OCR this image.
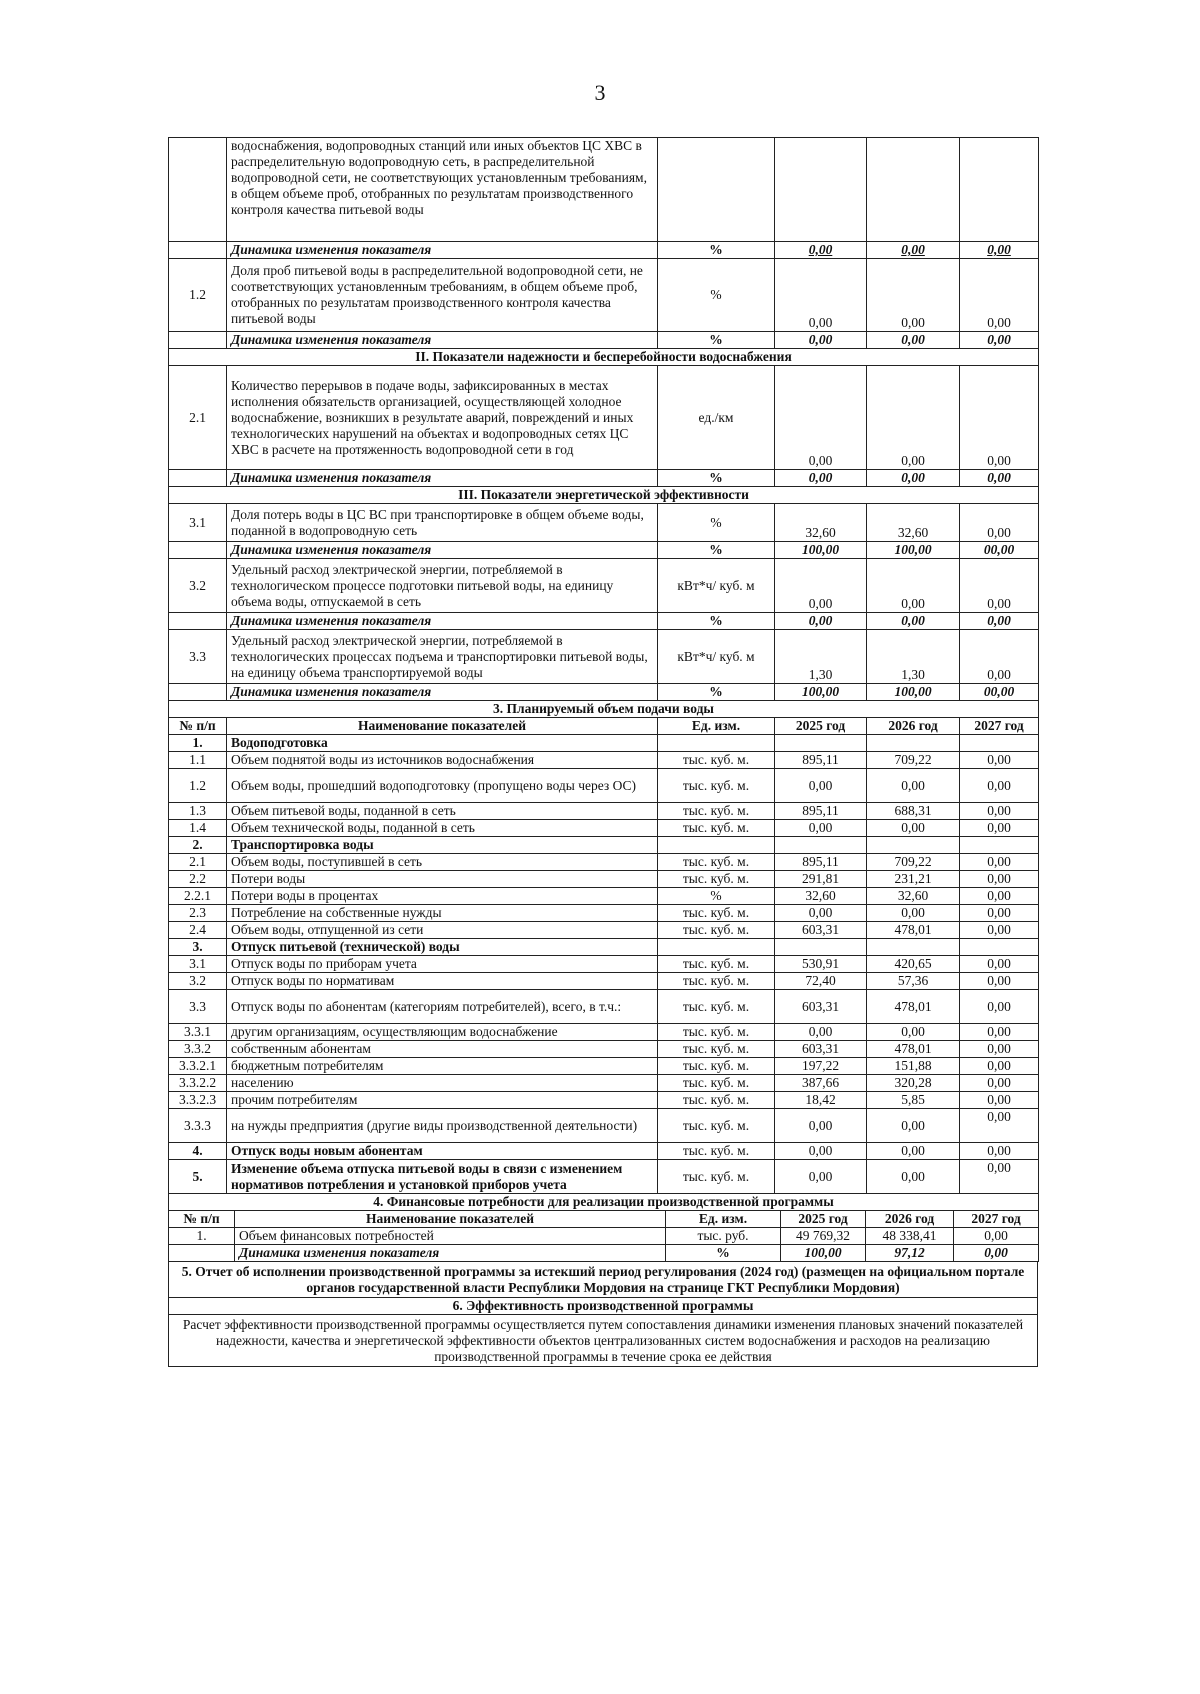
3
	водоснабжения, водопроводных станций или иных объектов ЦС ХВС в распределительную водопроводную сеть, в распределительной водопроводной сети, не соответствующих установленным требованиям, в общем объеме проб, отобранных по результатам производственного контроля качества питьевой воды				
	Динамика изменения показателя	%	0,00	0,00	0,00
1.2	Доля проб питьевой воды в распределительной водопроводной сети, не соответствующих установленным требованиям, в общем объеме проб, отобранных по результатам производственного контроля качества питьевой воды	%	0,00	0,00	0,00
	Динамика изменения показателя	%	0,00	0,00	0,00
II. Показатели надежности и бесперебойности водоснабжения					
2.1	Количество перерывов в подаче воды, зафиксированных в местах исполнения обязательств организацией, осуществляющей холодное водоснабжение, возникших в результате аварий, повреждений и иных технологических нарушений на объектах и водопроводных сетях ЦС ХВС в расчете на протяженность водопроводной сети в год	ед./км	0,00	0,00	0,00
	Динамика изменения показателя	%	0,00	0,00	0,00
III. Показатели энергетической эффективности					
3.1	Доля потерь воды в ЦС ВС при транспортировке в общем объеме воды, поданной в водопроводную сеть	%	32,60	32,60	0,00
	Динамика изменения показателя	%	100,00	100,00	00,00
3.2	Удельный расход электрической энергии, потребляемой в технологическом процессе подготовки питьевой воды, на единицу объема воды, отпускаемой в сеть	кВт*ч/ куб. м	0,00	0,00	0,00
	Динамика изменения показателя	%	0,00	0,00	0,00
3.3	Удельный расход электрической энергии, потребляемой в технологических процессах подъема и транспортировки питьевой воды, на единицу объема транспортируемой воды	кВт*ч/ куб. м	1,30	1,30	0,00
	Динамика изменения показателя	%	100,00	100,00	00,00
3. Планируемый объем подачи воды					
№ п/п	Наименование показателей	Ед. изм.	2025 год	2026 год	2027 год
1.	Водоподготовка				
1.1	Объем поднятой воды из источников водоснабжения	тыс. куб. м.	895,11	709,22	0,00
1.2	Объем воды, прошедший водоподготовку (пропущено воды через ОС)	тыс. куб. м.	0,00	0,00	0,00
1.3	Объем питьевой воды, поданной в сеть	тыс. куб. м.	895,11	688,31	0,00
1.4	Объем технической воды, поданной в сеть	тыс. куб. м.	0,00	0,00	0,00
2.	Транспортировка воды				
2.1	Объем воды, поступившей в сеть	тыс. куб. м.	895,11	709,22	0,00
2.2	Потери воды	тыс. куб. м.	291,81	231,21	0,00
2.2.1	Потери воды в процентах	%	32,60	32,60	0,00
2.3	Потребление на собственные нужды	тыс. куб. м.	0,00	0,00	0,00
2.4	Объем воды, отпущенной из сети	тыс. куб. м.	603,31	478,01	0,00
3.	Отпуск питьевой (технической) воды				
3.1	Отпуск воды по приборам учета	тыс. куб. м.	530,91	420,65	0,00
3.2	Отпуск воды по нормативам	тыс. куб. м.	72,40	57,36	0,00
3.3	Отпуск воды по абонентам (категориям потребителей), всего, в т.ч.:	тыс. куб. м.	603,31	478,01	0,00
3.3.1	другим организациям, осуществляющим водоснабжение	тыс. куб. м.	0,00	0,00	0,00
3.3.2	собственным абонентам	тыс. куб. м.	603,31	478,01	0,00
3.3.2.1	бюджетным потребителям	тыс. куб. м.	197,22	151,88	0,00
3.3.2.2	населению	тыс. куб. м.	387,66	320,28	0,00
3.3.2.3	прочим потребителям	тыс. куб. м.	18,42	5,85	0,00
3.3.3	на нужды предприятия (другие виды производственной деятельности)	тыс. куб. м.	0,00	0,00	0,00
4.	Отпуск воды новым абонентам	тыс. куб. м.	0,00	0,00	0,00
5.	Изменение объема отпуска питьевой воды в связи с изменением нормативов потребления и установкой приборов учета	тыс. куб. м.	0,00	0,00	0,00
4. Финансовые потребности для реализации производственной программы					
№ п/п	Наименование показателей	Ед. изм.	2025 год	2026 год	2027 год
1.	Объем финансовых потребностей	тыс. руб.	49 769,32	48 338,41	0,00
	Динамика изменения показателя	%	100,00	97,12	0,00
5. Отчет об исполнении производственной программы за истекший период регулирования (2024 год) (размещен на официальном портале органов государственной власти Республики Мордовия на странице ГКТ Республики Мордовия)
6. Эффективность производственной программы
Расчет эффективности производственной программы осуществляется путем сопоставления динамики изменения плановых значений показателей надежности, качества и энергетической эффективности объектов централизованных систем водоснабжения и расходов на реализацию производственной программы в течение срока ее действия
